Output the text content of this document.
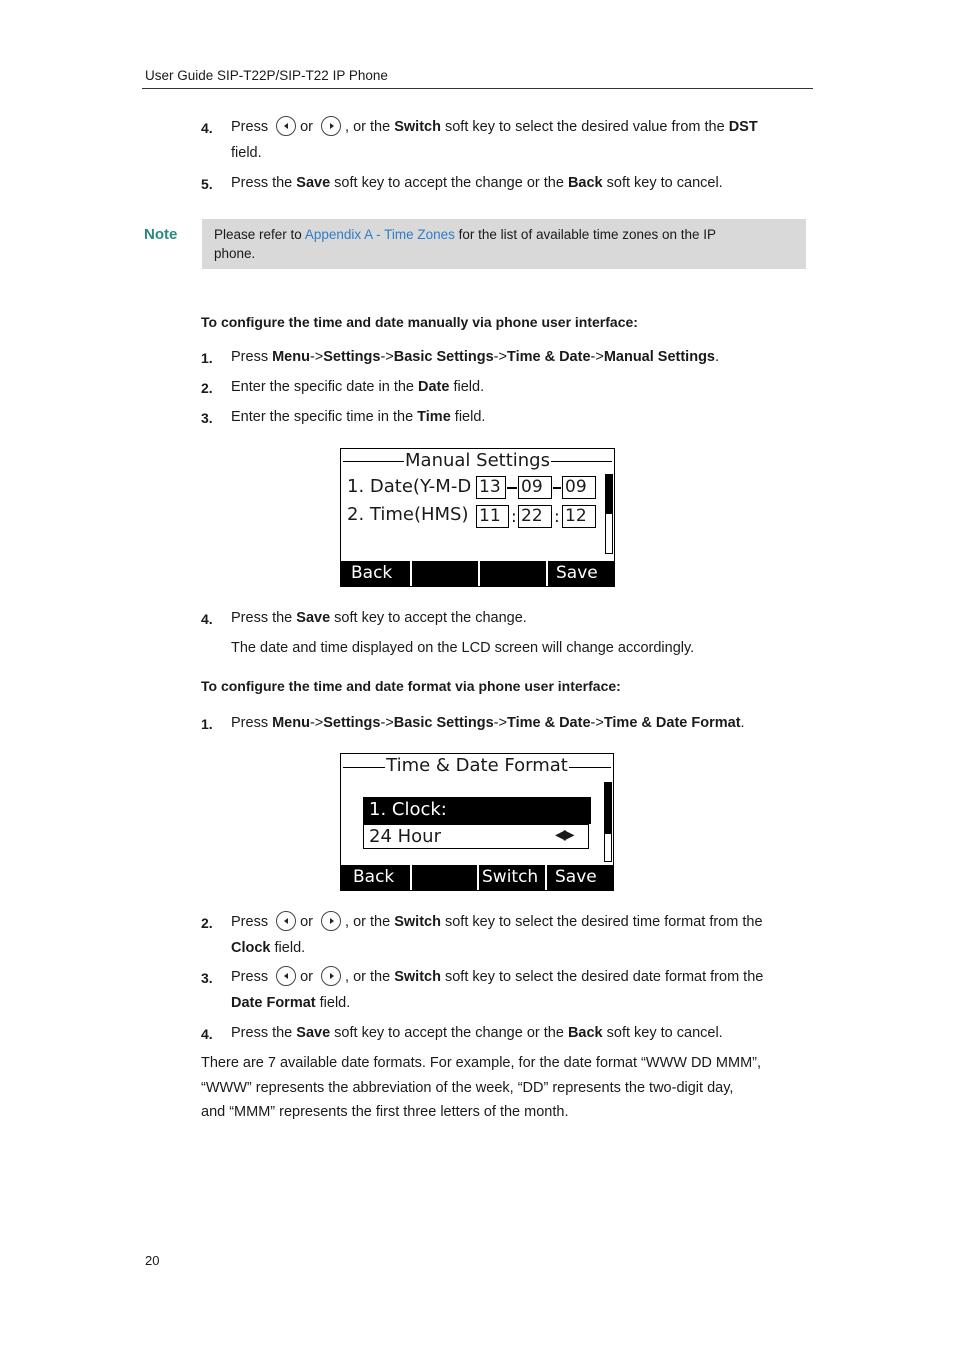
User Guide SIP-T22P/SIP-T22 IP Phone
4. Press or , or the Switch soft key to select the desired value from the DST
field.
5. Press the Save soft key to accept the change or the Back soft key to cancel.
Note	Please refer to Appendix A - Time Zones for the list of available time zones on the IP
phone.
To configure the time and date manually via phone user interface:
1. Press Menu->Settings->Basic Settings->Time & Date->Manual Settings.
2. Enter the specific date in the Date field.
3. Enter the specific time in the Time field.
Manual Settings
1. Date(Y-M-D 13	09	09
2. Time(HMS) 11 : 22 : 12
Back	Save
4. Press the Save soft key to accept the change.
The date and time displayed on the LCD screen will change accordingly.
To configure the time and date format via phone user interface:
1. Press Menu->Settings->Basic Settings->Time & Date->Time & Date Format.
Time & Date Format
1. Clock:
24 Hour	◀▶
Back	Switch Save
2. Press or , or the Switch soft key to select the desired time format from the
Clock field.
3. Press or , or the Switch soft key to select the desired date format from the
Date Format field.
4. Press the Save soft key to accept the change or the Back soft key to cancel.
There are 7 available date formats. For example, for the date format “WWW DD MMM”,
“WWW” represents the abbreviation of the week, “DD” represents the two-digit day,
and “MMM” represents the first three letters of the month.
20
